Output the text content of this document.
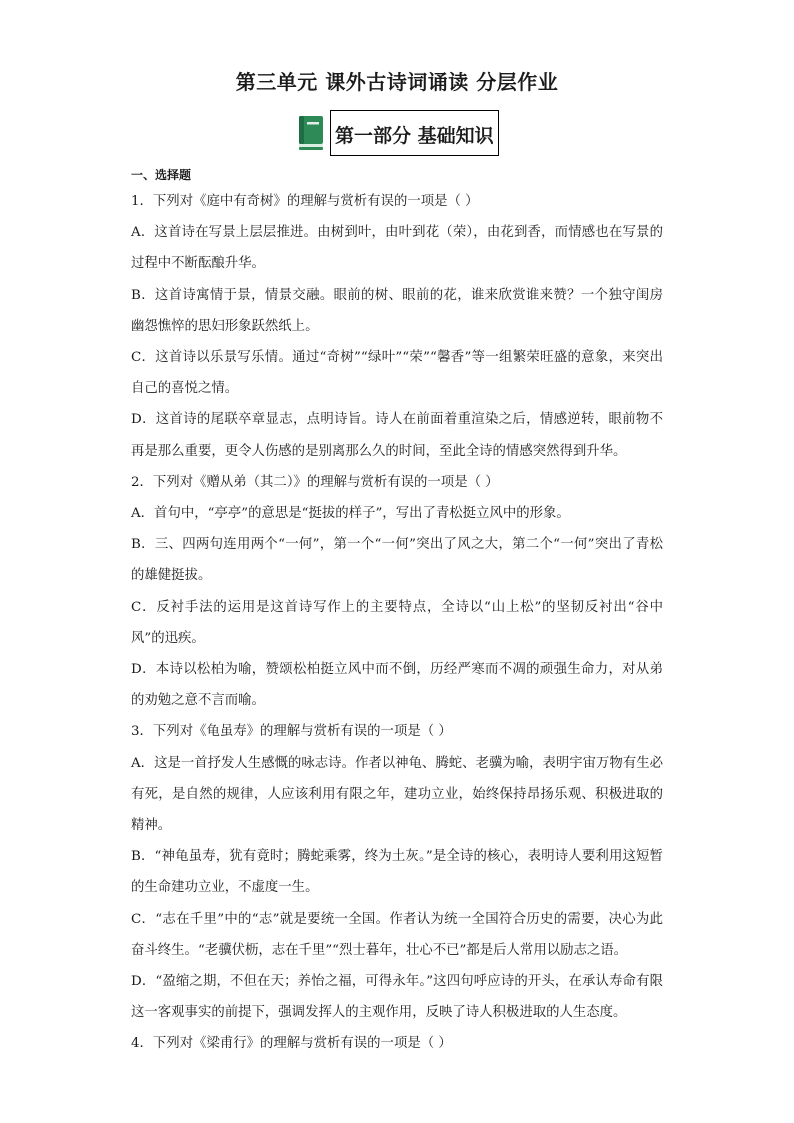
第三单元 课外古诗词诵读 分层作业
第一部分 基础知识
一、选择题

1．下列对《庭中有奇树》的理解与赏析有误的一项是（ ）

A．这首诗在写景上层层推进。由树到叶，由叶到花（荣），由花到香，而情感也在写景的过程中不断酝酿升华。

B．这首诗寓情于景，情景交融。眼前的树、眼前的花，谁来欣赏谁来赞？一个独守闺房幽怨憔悴的思妇形象跃然纸上。

C．这首诗以乐景写乐情。通过“奇树”“绿叶”“荣”“馨香”等一组繁荣旺盛的意象，来突出自己的喜悦之情。

D．这首诗的尾联卒章显志，点明诗旨。诗人在前面着重渲染之后，情感逆转，眼前物不再是那么重要，更令人伤感的是别离那么久的时间，至此全诗的情感突然得到升华。

2．下列对《赠从弟（其二）》的理解与赏析有误的一项是（ ）

A．首句中，“亭亭”的意思是“挺拔的样子”，写出了青松挺立风中的形象。

B．三、四两句连用两个“一何”，第一个“一何”突出了风之大，第二个“一何”突出了青松的雄健挺拔。

C．反衬手法的运用是这首诗写作上的主要特点，全诗以“山上松”的坚韧反衬出“谷中风”的迅疾。

D．本诗以松柏为喻，赞颂松柏挺立风中而不倒，历经严寒而不凋的顽强生命力，对从弟的劝勉之意不言而喻。

3．下列对《龟虽寿》的理解与赏析有误的一项是（ ）

A．这是一首抒发人生感慨的咏志诗。作者以神龟、腾蛇、老骥为喻，表明宇宙万物有生必有死，是自然的规律，人应该利用有限之年，建功立业，始终保持昂扬乐观、积极进取的精神。

B．“神龟虽寿，犹有竟时；腾蛇乘雾，终为土灰。”是全诗的核心，表明诗人要利用这短暂的生命建功立业，不虚度一生。

C．“志在千里”中的“志”就是要统一全国。作者认为统一全国符合历史的需要，决心为此奋斗终生。“老骥伏枥，志在千里”“烈士暮年，壮心不已”都是后人常用以励志之语。

D．“盈缩之期，不但在天；养怡之福，可得永年。”这四句呼应诗的开头，在承认寿命有限这一客观事实的前提下，强调发挥人的主观作用，反映了诗人积极进取的人生态度。

4．下列对《梁甫行》的理解与赏析有误的一项是（ ）
